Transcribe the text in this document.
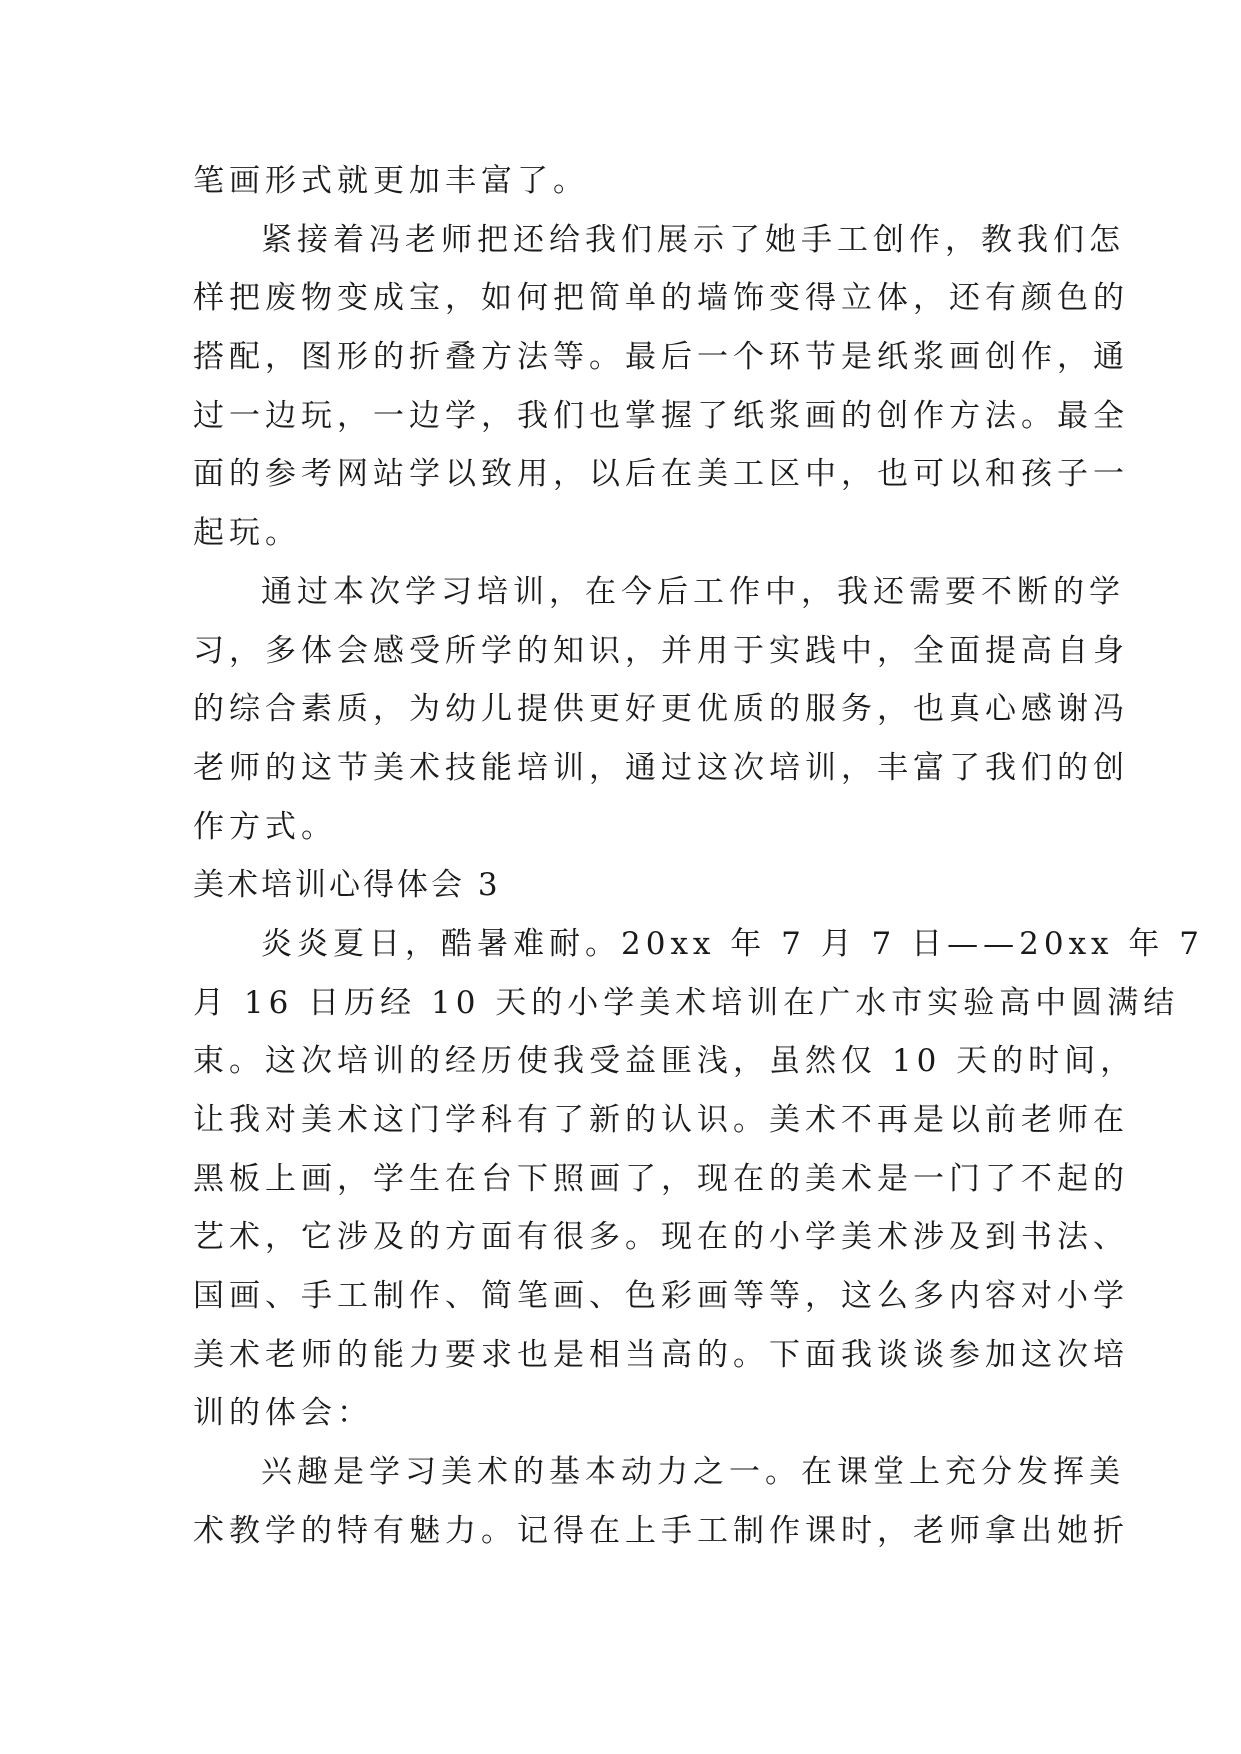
笔画形式就更加丰富了。
紧接着冯老师把还给我们展示了她手工创作，教我们怎
样把废物变成宝，如何把简单的墙饰变得立体，还有颜色的
搭配，图形的折叠方法等。最后一个环节是纸浆画创作，通
过一边玩，一边学，我们也掌握了纸浆画的创作方法。最全
面的参考网站学以致用，以后在美工区中，也可以和孩子一
起玩。
通过本次学习培训，在今后工作中，我还需要不断的学
习，多体会感受所学的知识，并用于实践中，全面提高自身
的综合素质，为幼儿提供更好更优质的服务，也真心感谢冯
老师的这节美术技能培训，通过这次培训，丰富了我们的创
作方式。
美术培训心得体会 3
炎炎夏日，酷暑难耐。20xx 年 7 月 7 日——20xx 年 7
月 16 日历经 10 天的小学美术培训在广水市实验高中圆满结
束。这次培训的经历使我受益匪浅，虽然仅 10 天的时间，
让我对美术这门学科有了新的认识。美术不再是以前老师在
黑板上画，学生在台下照画了，现在的美术是一门了不起的
艺术，它涉及的方面有很多。现在的小学美术涉及到书法、
国画、手工制作、简笔画、色彩画等等，这么多内容对小学
美术老师的能力要求也是相当高的。下面我谈谈参加这次培
训的体会：
兴趣是学习美术的基本动力之一。在课堂上充分发挥美
术教学的特有魅力。记得在上手工制作课时，老师拿出她折
